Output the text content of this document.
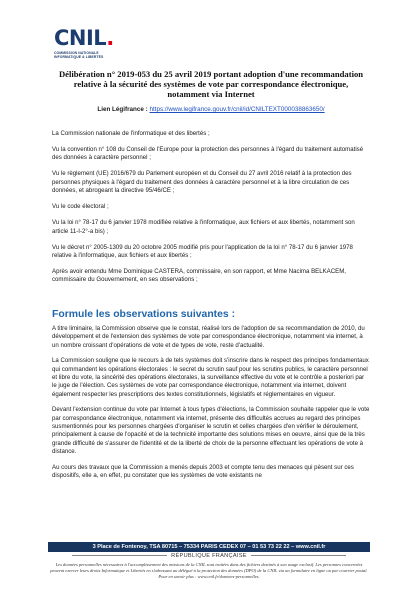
CNIL.
COMMISSION NATIONALE
INFORMATIQUE & LIBERTÉS
Délibération n° 2019-053 du 25 avril 2019 portant adoption d'une recommandation relative à la sécurité des systèmes de vote par correspondance électronique, notamment via Internet
Lien Légifrance : https://www.legifrance.gouv.fr/cnil/id/CNILTEXT000038863650/

La Commission nationale de l'informatique et des libertés ;

Vu la convention n° 108 du Conseil de l'Europe pour la protection des personnes à l'égard du traitement automatisé des données à caractère personnel ;

Vu le règlement (UE) 2016/679 du Parlement européen et du Conseil du 27 avril 2016 relatif à la protection des personnes physiques à l'égard du traitement des données à caractère personnel et à la libre circulation de ces données, et abrogeant la directive 95/46/CE ;

Vu le code électoral ;

Vu la loi n° 78-17 du 6 janvier 1978 modifiée relative à l'informatique, aux fichiers et aux libertés, notamment son article 11-I-2°-a bis) ;

Vu le décret n° 2005-1309 du 20 octobre 2005 modifié pris pour l'application de la loi n° 78-17 du 6 janvier 1978 relative à l'informatique, aux fichiers et aux libertés ;

Après avoir entendu Mme Dominique CASTERA, commissaire, en son rapport, et Mme Nacima BELKACEM, commissaire du Gouvernement, en ses observations ;

Formule les observations suivantes :

A titre liminaire, la Commission observe que le constat, réalisé lors de l'adoption de sa recommandation de 2010, du développement et de l'extension des systèmes de vote par correspondance électronique, notamment via internet, à un nombre croissant d'opérations de vote et de types de vote, reste d'actualité.

La Commission souligne que le recours à de tels systèmes doit s'inscrire dans le respect des principes fondamentaux qui commandent les opérations électorales : le secret du scrutin sauf pour les scrutins publics, le caractère personnel et libre du vote, la sincérité des opérations électorales, la surveillance effective du vote et le contrôle a posteriori par le juge de l'élection. Ces systèmes de vote par correspondance électronique, notamment via internet, doivent également respecter les prescriptions des textes constitutionnels, législatifs et réglementaires en vigueur.

Devant l'extension continue du vote par Internet à tous types d'élections, la Commission souhaite rappeler que le vote par correspondance électronique, notamment via internet, présente des difficultés accrues au regard des principes susmentionnés pour les personnes chargées d'organiser le scrutin et celles chargées d'en vérifier le déroulement, principalement à cause de l'opacité et de la technicité importante des solutions mises en oeuvre, ainsi que de la très grande difficulté de s'assurer de l'identité et de la liberté de choix de la personne effectuant les opérations de vote à distance.

Au cours des travaux que la Commission a menés depuis 2003 et compte tenu des menaces qui pèsent sur ces dispositifs, elle a, en effet, pu constater que les systèmes de vote existants ne

3 Place de Fontenoy, TSA 80715 – 75334 PARIS CEDEX 07 – 01 53 73 22 22 – www.cnil.fr
RÉPUBLIQUE FRANÇAISE
Les données personnelles nécessaires à l'accomplissement des missions de la CNIL sont traitées dans des fichiers destinés à son usage exclusif. Les personnes concernées peuvent exercer leurs droits Informatique et Libertés en s'adressant au délégué à la protection des données (DPO) de la CNIL via un formulaire en ligne ou par courrier postal. Pour en savoir plus : www.cnil.fr/donnees-personnelles.
